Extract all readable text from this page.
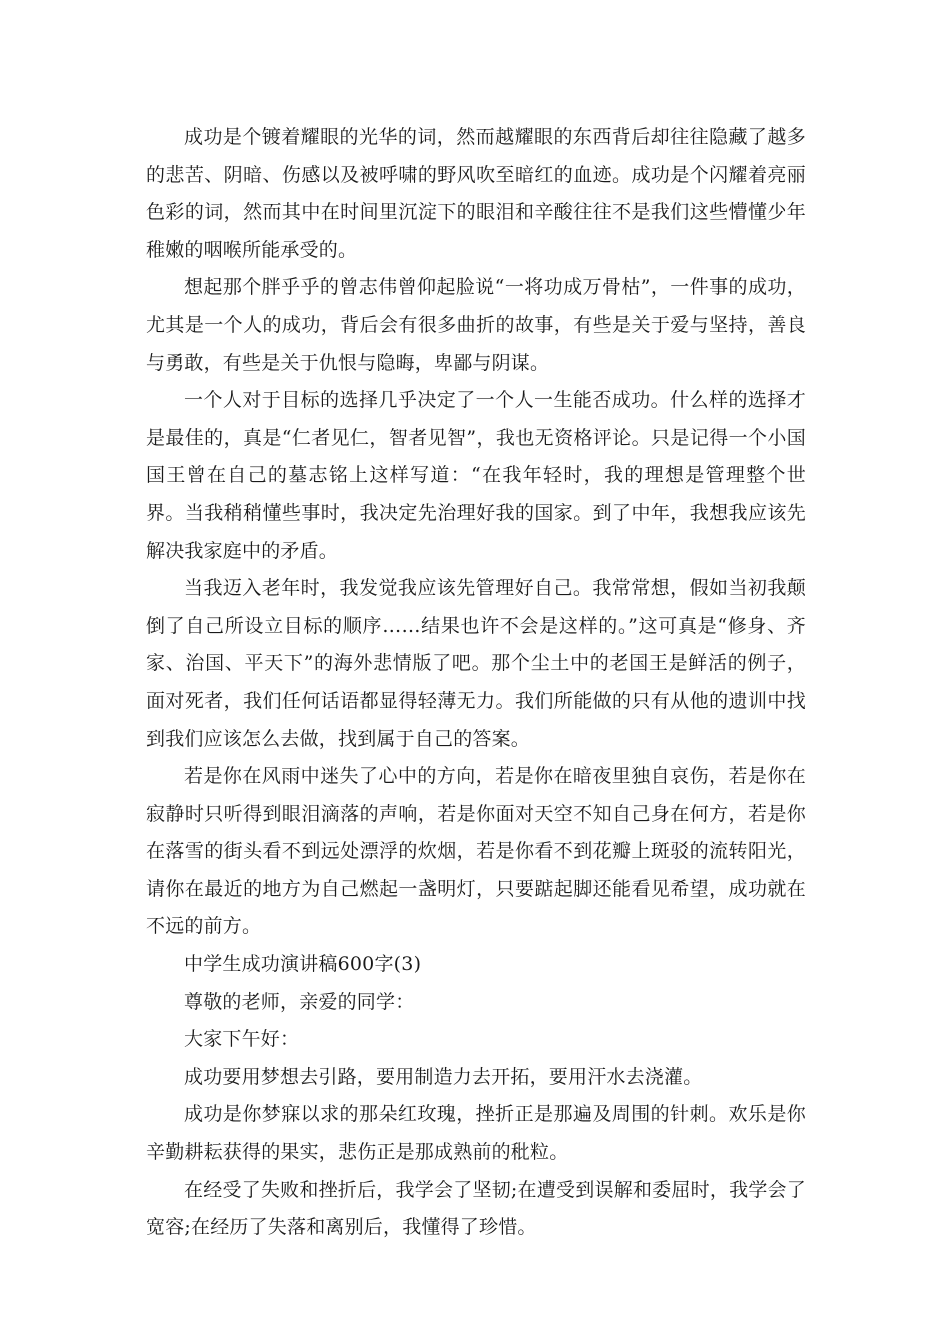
成功是个镀着耀眼的光华的词，然而越耀眼的东西背后却往往隐藏了越多的悲苦、阴暗、伤感以及被呼啸的野风吹至暗红的血迹。成功是个闪耀着亮丽色彩的词，然而其中在时间里沉淀下的眼泪和辛酸往往不是我们这些懵懂少年稚嫩的咽喉所能承受的。

想起那个胖乎乎的曾志伟曾仰起脸说“一将功成万骨枯”，一件事的成功，尤其是一个人的成功，背后会有很多曲折的故事，有些是关于爱与坚持，善良与勇敢，有些是关于仇恨与隐晦，卑鄙与阴谋。

一个人对于目标的选择几乎决定了一个人一生能否成功。什么样的选择才是最佳的，真是“仁者见仁，智者见智”，我也无资格评论。只是记得一个小国国王曾在自己的墓志铭上这样写道：“在我年轻时，我的理想是管理整个世界。当我稍稍懂些事时，我决定先治理好我的国家。到了中年，我想我应该先解决我家庭中的矛盾。

当我迈入老年时，我发觉我应该先管理好自己。我常常想，假如当初我颠倒了自己所设立目标的顺序……结果也许不会是这样的。”这可真是“修身、齐家、治国、平天下”的海外悲情版了吧。那个尘土中的老国王是鲜活的例子，面对死者，我们任何话语都显得轻薄无力。我们所能做的只有从他的遗训中找到我们应该怎么去做，找到属于自己的答案。

若是你在风雨中迷失了心中的方向，若是你在暗夜里独自哀伤，若是你在寂静时只听得到眼泪滴落的声响，若是你面对天空不知自己身在何方，若是你在落雪的街头看不到远处漂浮的炊烟，若是你看不到花瓣上斑驳的流转阳光，请你在最近的地方为自己燃起一盏明灯，只要踮起脚还能看见希望，成功就在不远的前方。

中学生成功演讲稿600字(3)

尊敬的老师，亲爱的同学：

大家下午好：

成功要用梦想去引路，要用制造力去开拓，要用汗水去浇灌。

成功是你梦寐以求的那朵红玫瑰，挫折正是那遍及周围的针刺。欢乐是你辛勤耕耘获得的果实，悲伤正是那成熟前的秕粒。

在经受了失败和挫折后，我学会了坚韧;在遭受到误解和委屈时，我学会了宽容;在经历了失落和离别后，我懂得了珍惜。
